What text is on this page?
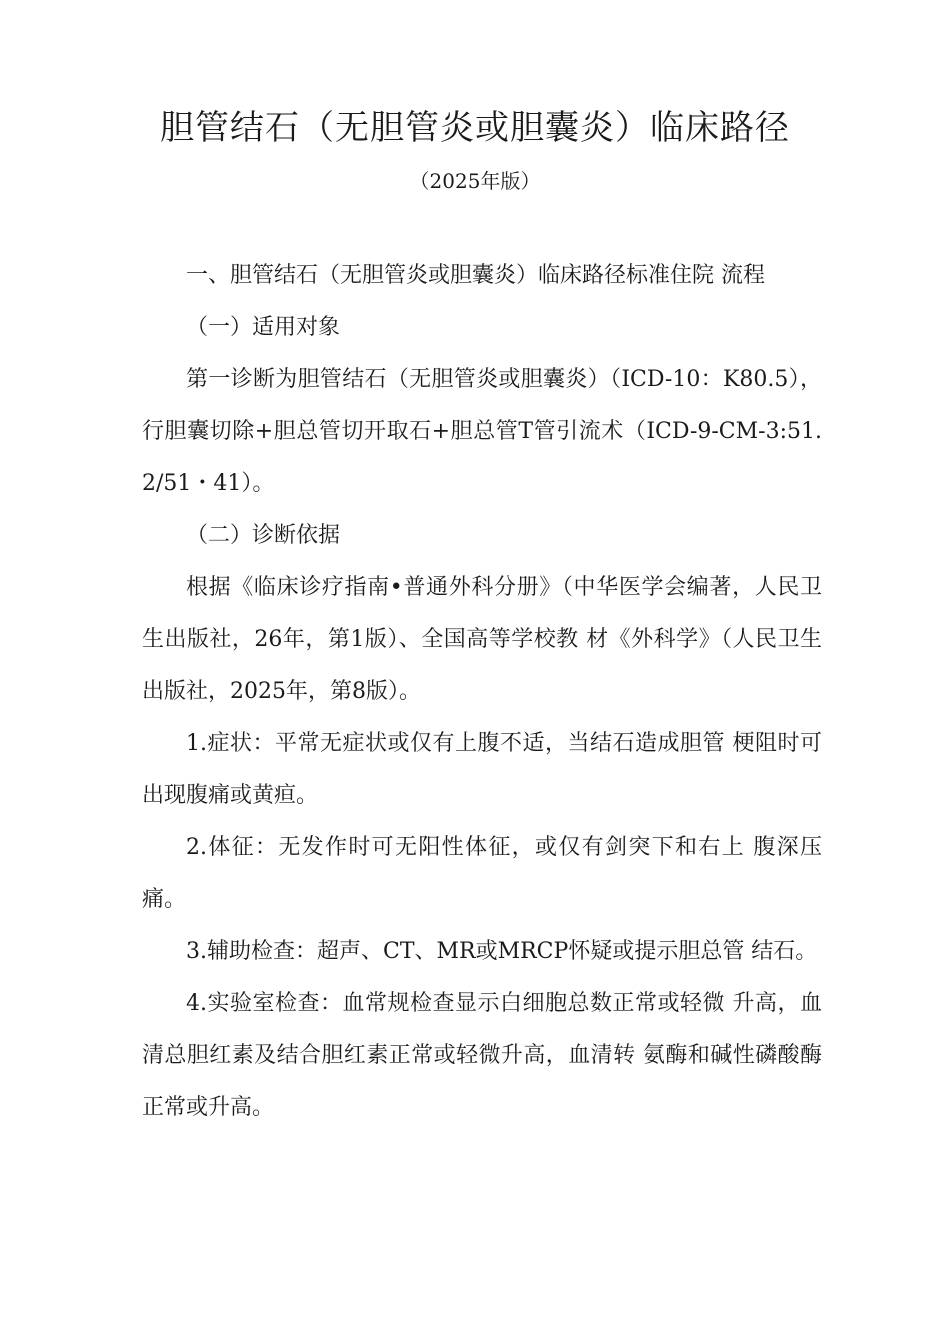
胆管结石（无胆管炎或胆囊炎）临床路径
（2025年版）

一、胆管结石（无胆管炎或胆囊炎）临床路径标准住院 流程

（一）适用对象

第一诊断为胆管结石（无胆管炎或胆囊炎）（ICD-10：K80.5），行胆囊切除+胆总管切开取石+胆总管T管引流术（ICD-9-CM-3:51.2/51・41）。

（二）诊断依据

根据《临床诊疗指南•普通外科分册》（中华医学会编著，人民卫生出版社，26年，第1版）、全国高等学校教 材《外科学》（人民卫生出版社，2025年，第8版）。

1.症状：平常无症状或仅有上腹不适，当结石造成胆管 梗阻时可出现腹痛或黄疸。

2.体征：无发作时可无阳性体征，或仅有剑突下和右上 腹深压痛。

3.辅助检查：超声、CT、MR或MRCP怀疑或提示胆总管 结石。

4.实验室检查：血常规检查显示白细胞总数正常或轻微 升高，血清总胆红素及结合胆红素正常或轻微升高，血清转 氨酶和碱性磷酸酶正常或升高。
